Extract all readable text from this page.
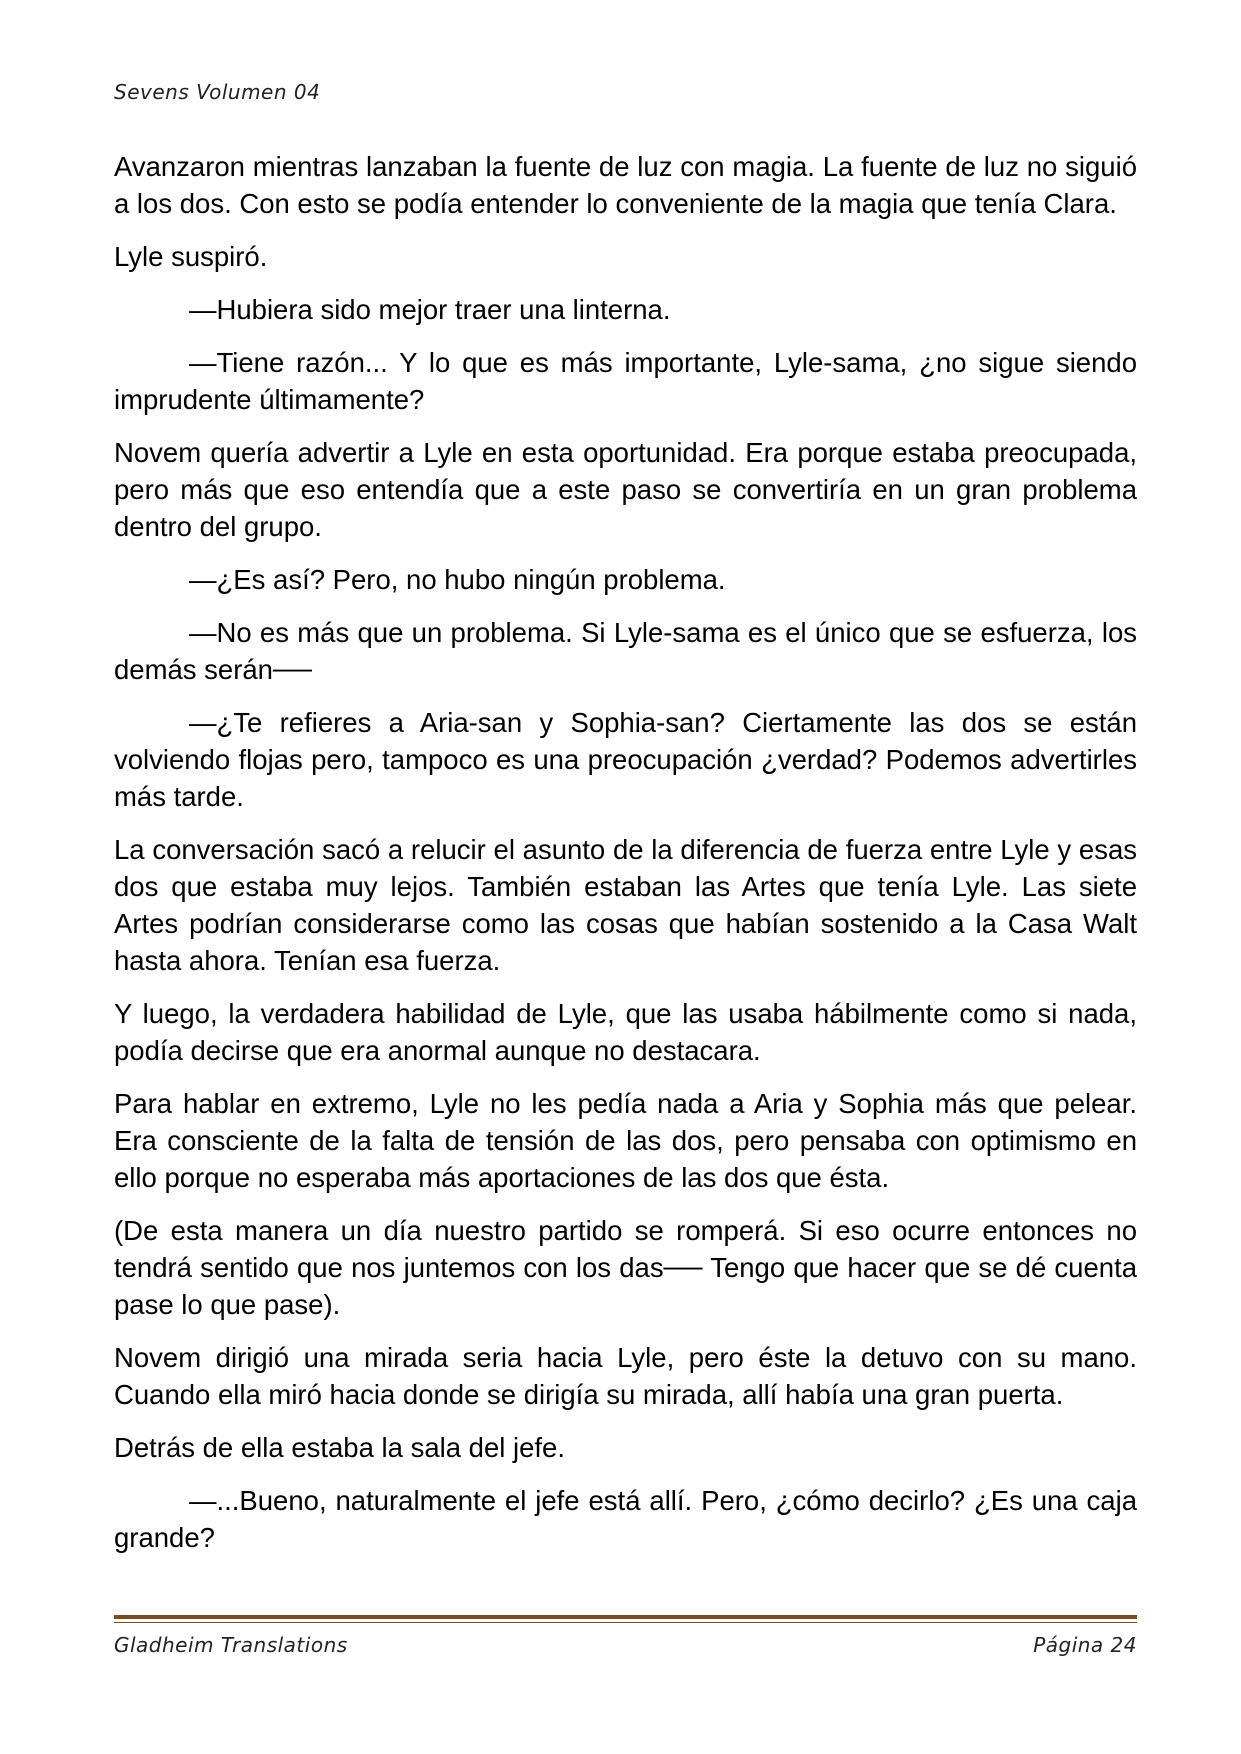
Sevens Volumen 04

Avanzaron mientras lanzaban la fuente de luz con magia. La fuente de luz no siguió a los dos. Con esto se podía entender lo conveniente de la magia que tenía Clara.

Lyle suspiró.

—Hubiera sido mejor traer una linterna.

—Tiene razón... Y lo que es más importante, Lyle-sama, ¿no sigue siendo imprudente últimamente?

Novem quería advertir a Lyle en esta oportunidad. Era porque estaba preocupada, pero más que eso entendía que a este paso se convertiría en un gran problema dentro del grupo.

—¿Es así? Pero, no hubo ningún problema.

—No es más que un problema. Si Lyle-sama es el único que se esfuerza, los demás serán──

—¿Te refieres a Aria-san y Sophia-san? Ciertamente las dos se están volviendo flojas pero, tampoco es una preocupación ¿verdad? Podemos advertirles más tarde.

La conversación sacó a relucir el asunto de la diferencia de fuerza entre Lyle y esas dos que estaba muy lejos. También estaban las Artes que tenía Lyle. Las siete Artes podrían considerarse como las cosas que habían sostenido a la Casa Walt hasta ahora. Tenían esa fuerza.

Y luego, la verdadera habilidad de Lyle, que las usaba hábilmente como si nada, podía decirse que era anormal aunque no destacara.

Para hablar en extremo, Lyle no les pedía nada a Aria y Sophia más que pelear. Era consciente de la falta de tensión de las dos, pero pensaba con optimismo en ello porque no esperaba más aportaciones de las dos que ésta.

(De esta manera un día nuestro partido se romperá. Si eso ocurre entonces no tendrá sentido que nos juntemos con los das── Tengo que hacer que se dé cuenta pase lo que pase).

Novem dirigió una mirada seria hacia Lyle, pero éste la detuvo con su mano. Cuando ella miró hacia donde se dirigía su mirada, allí había una gran puerta.

Detrás de ella estaba la sala del jefe.

—...Bueno, naturalmente el jefe está allí. Pero, ¿cómo decirlo? ¿Es una caja grande?

Gladheim Translations	Página 24
